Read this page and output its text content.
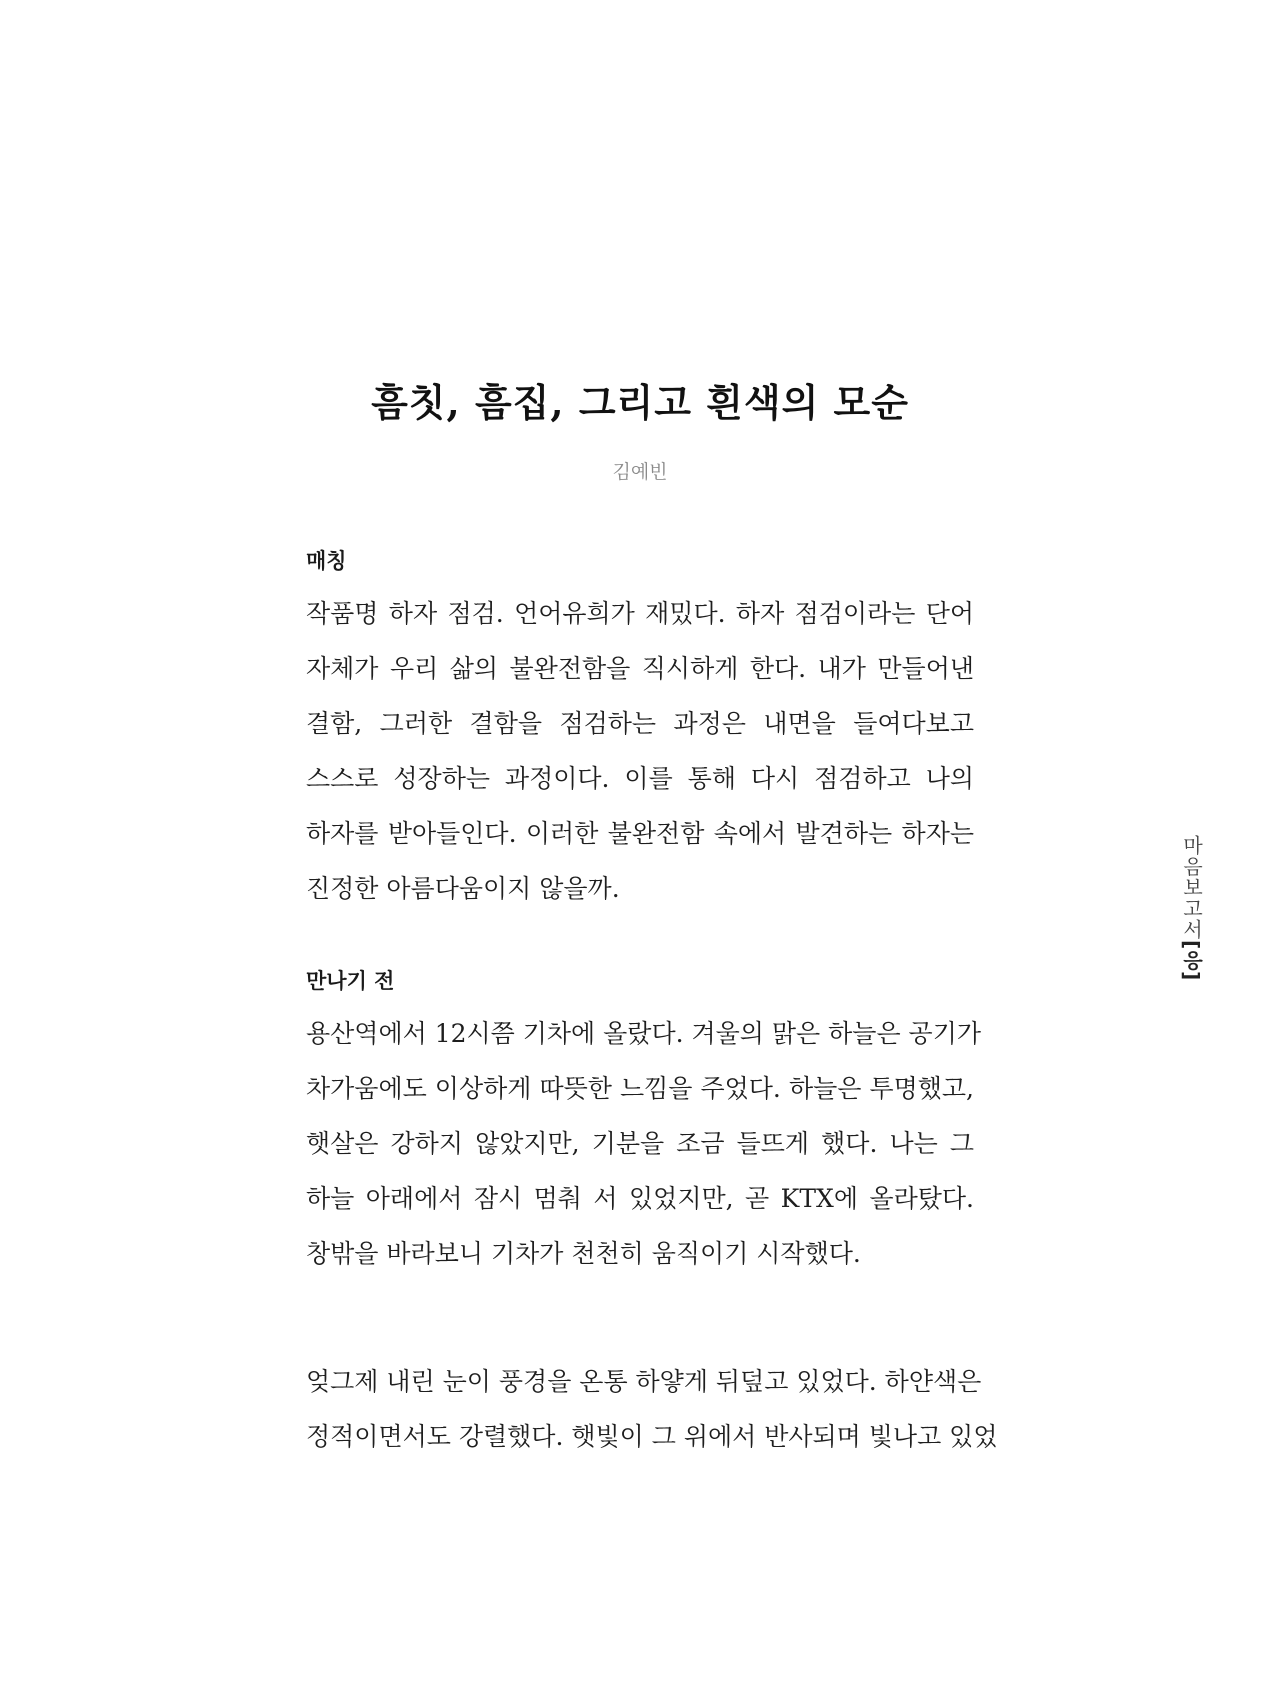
흠칫, 흠집, 그리고 흰색의 모순
김예빈

매칭

작품명 하자 점검. 언어유희가 재밌다. 하자 점검이라는 단어

자체가 우리 삶의 불완전함을 직시하게 한다. 내가 만들어낸

결함, 그러한 결함을 점검하는 과정은 내면을 들여다보고

스스로 성장하는 과정이다. 이를 통해 다시 점검하고 나의

하자를 받아들인다. 이러한 불완전함 속에서 발견하는 하자는

진정한 아름다움이지 않을까.

만나기 전

용산역에서 12시쯤 기차에 올랐다. 겨울의 맑은 하늘은 공기가

차가움에도 이상하게 따뜻한 느낌을 주었다. 하늘은 투명했고,

햇살은 강하지 않았지만, 기분을 조금 들뜨게 했다. 나는 그

하늘 아래에서 잠시 멈춰 서 있었지만, 곧 KTX에 올라탔다.

창밖을 바라보니 기차가 천천히 움직이기 시작했다.

엊그제 내린 눈이 풍경을 온통 하얗게 뒤덮고 있었다. 하얀색은

정적이면서도 강렬했다. 햇빛이 그 위에서 반사되며 빛나고 있었

마음보고서[응]
